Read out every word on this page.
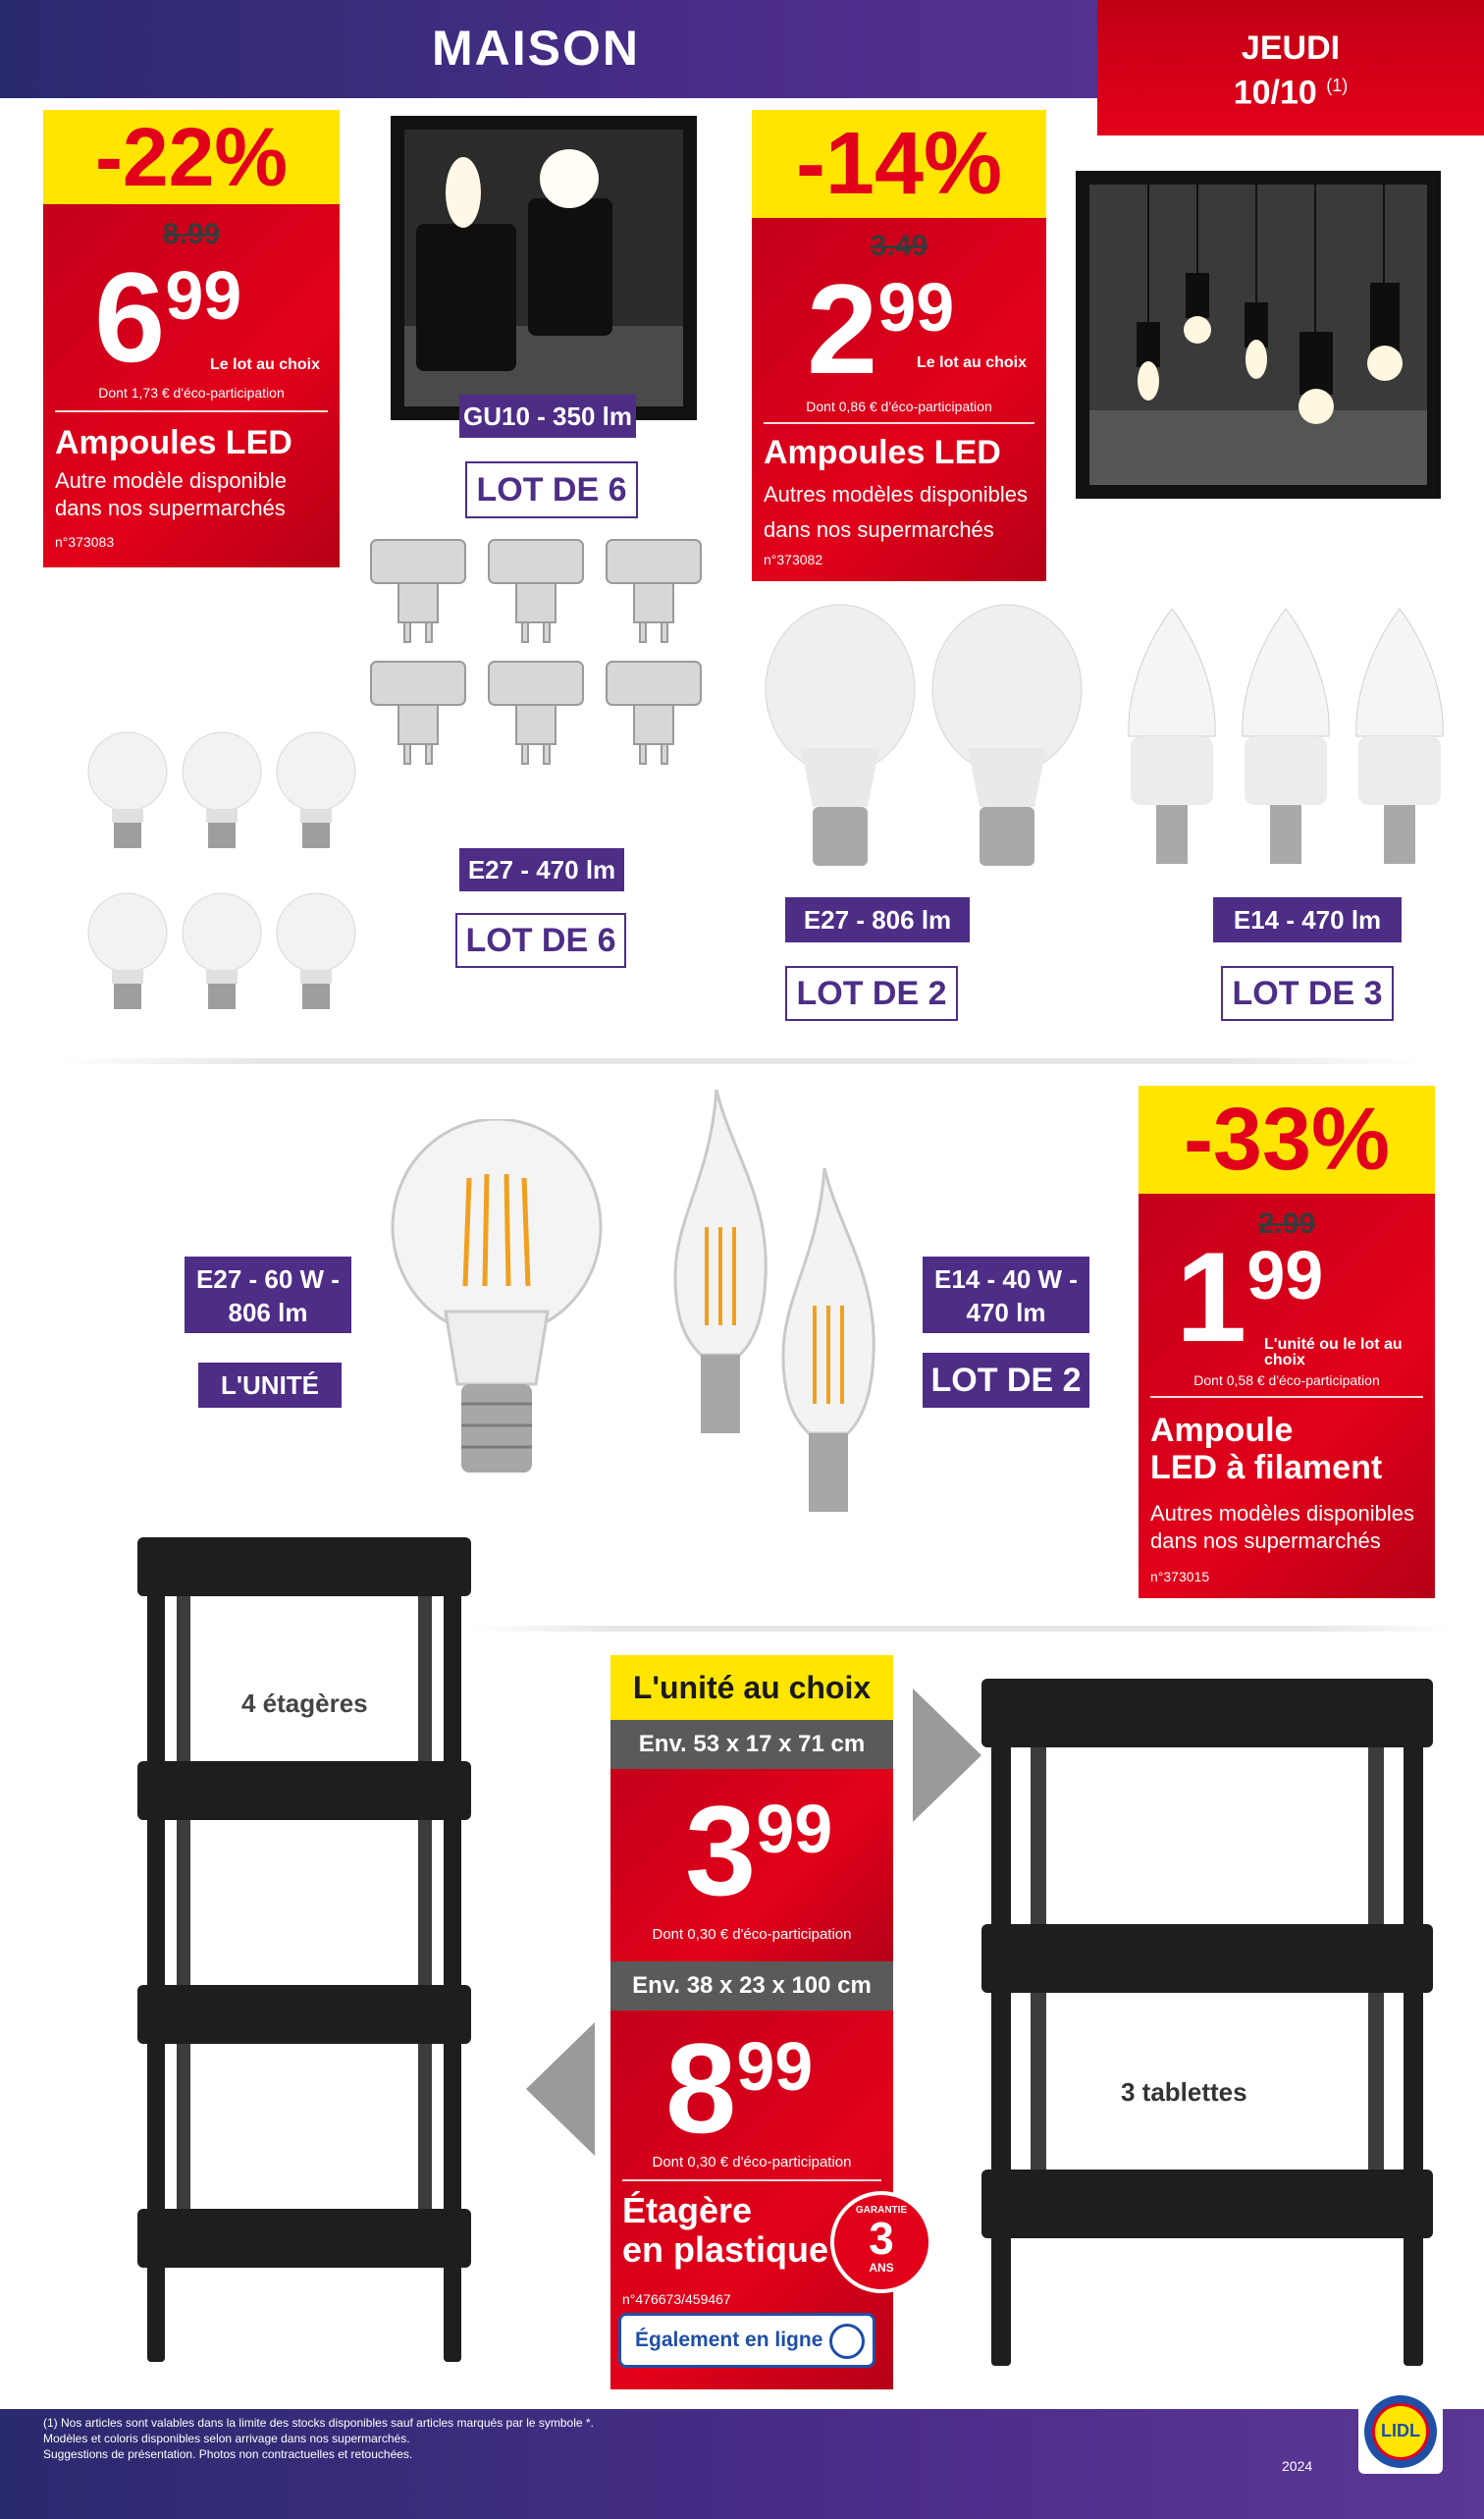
MAISON	JEUDI
10/10 $^{(1)}$
-22%
8.99
699
Le lot au choix
Dont 1,73 € d'éco-participation
Ampoules LED
Autre modèle disponible dans nos supermarchés
n°373083
GU10 - 350 lm
LOT DE 6
E27 - 470 lm
LOT DE 6
-14%
3.49
299
Le lot au choix
Dont 0,86 € d'éco-participation
Ampoules LED
Autres modèles disponibles dans nos supermarchés
n°373082
E27 - 806 lm
LOT DE 2
E14 - 470 lm
LOT DE 3
E27 - 60 W -
806 lm
L'UNITÉ
E14 - 40 W -
470 lm
LOT DE 2
-33%
2.99
199
L'unité ou le lot au choix
Dont 0,58 € d'éco-participation
Ampoule
LED à filament
Autres modèles disponibles dans nos supermarchés
n°373015
4 étagères	L'unité au choix
Env. 53 x 17 x 71 cm
399
Dont 0,30 € d'éco-participation
Env. 38 x 23 x 100 cm
899
Dont 0,30 € d'éco-participation
Étagère
en plastique
n°476673/459467
Également en ligne
GARANTIE
3
ANS
3 tablettes
(1) Nos articles sont valables dans la limite des stocks disponibles sauf articles marqués par le symbole *.
Modèles et coloris disponibles selon arrivage dans nos supermarchés.
Suggestions de présentation. Photos non contractuelles et retouchées.
2024
LIDL
